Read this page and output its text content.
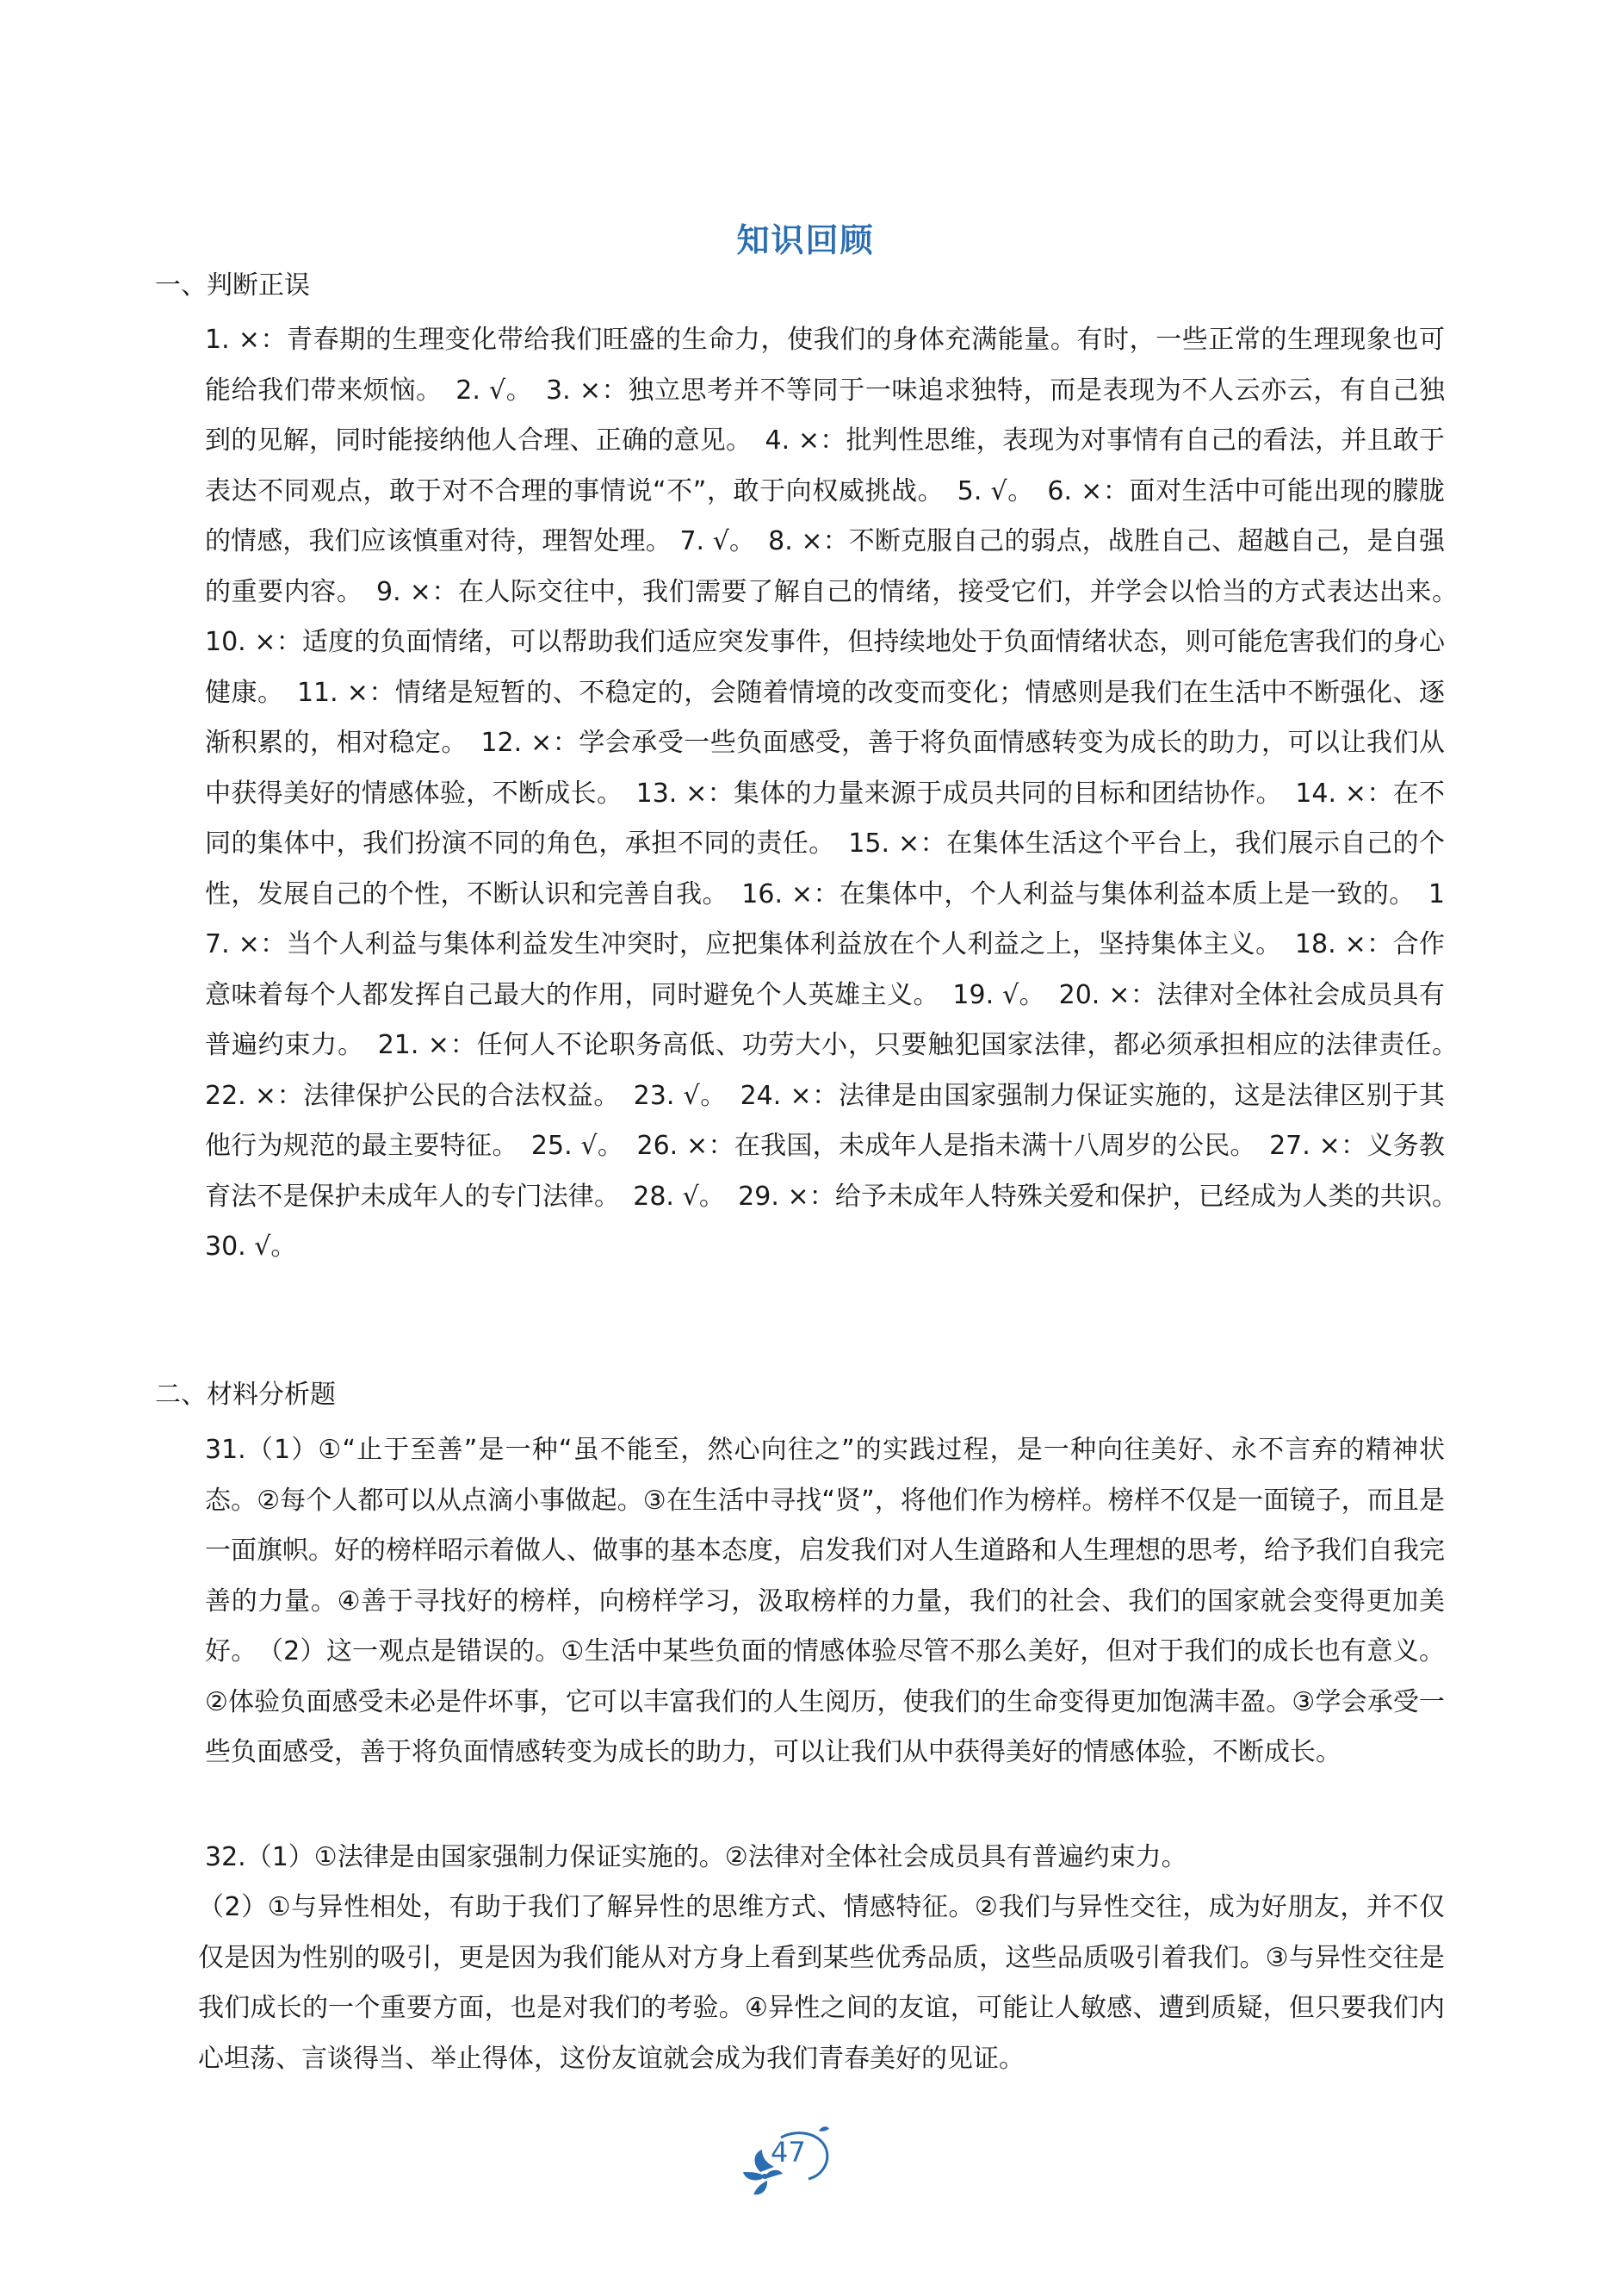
知识回顾
一、判断正误
1. ×：青春期的生理变化带给我们旺盛的生命力，使我们的身体充满能量。有时，一些正常的生理现象也可能给我们带来烦恼。　2. √。　3. ×：独立思考并不等同于一味追求独特，而是表现为不人云亦云，有自己独到的见解，同时能接纳他人合理、正确的意见。　4. ×：批判性思维，表现为对事情有自己的看法，并且敢于表达不同观点，敢于对不合理的事情说“不”，敢于向权威挑战。　5. √。　6. ×：面对生活中可能出现的朦胧的情感，我们应该慎重对待，理智处理。 7. √。　8. ×：不断克服自己的弱点，战胜自己、超越自己，是自强的重要内容。　9. ×：在人际交往中，我们需要了解自己的情绪，接受它们，并学会以恰当的方式表达出来。　10. ×：适度的负面情绪，可以帮助我们适应突发事件，但持续地处于负面情绪状态，则可能危害我们的身心健康。　11. ×：情绪是短暂的、不稳定的，会随着情境的改变而变化；情感则是我们在生活中不断强化、逐渐积累的，相对稳定。　12. ×：学会承受一些负面感受，善于将负面情感转变为成长的助力，可以让我们从中获得美好的情感体验，不断成长。　13. ×：集体的力量来源于成员共同的目标和团结协作。　14. ×：在不同的集体中，我们扮演不同的角色，承担不同的责任。　15. ×：在集体生活这个平台上，我们展示自己的个性，发展自己的个性，不断认识和完善自我。　16. ×：在集体中，个人利益与集体利益本质上是一致的。　17. ×：当个人利益与集体利益发生冲突时，应把集体利益放在个人利益之上，坚持集体主义。　18. ×：合作意味着每个人都发挥自己最大的作用，同时避免个人英雄主义。　19. √。　20. ×：法律对全体社会成员具有普遍约束力。　21. ×：任何人不论职务高低、功劳大小，只要触犯国家法律，都必须承担相应的法律责任。　22. ×：法律保护公民的合法权益。　23. √。　24. ×：法律是由国家强制力保证实施的，这是法律区别于其他行为规范的最主要特征。　25. √。　26. ×：在我国，未成年人是指未满十八周岁的公民。　27. ×：义务教育法不是保护未成年人的专门法律。　28. √。　29. ×：给予未成年人特殊关爱和保护，已经成为人类的共识。　30. √。
二、材料分析题
31.（1）①“止于至善”是一种“虽不能至，然心向往之”的实践过程，是一种向往美好、永不言弃的精神状态。②每个人都可以从点滴小事做起。③在生活中寻找“贤”，将他们作为榜样。榜样不仅是一面镜子，而且是一面旗帜。好的榜样昭示着做人、做事的基本态度，启发我们对人生道路和人生理想的思考，给予我们自我完善的力量。④善于寻找好的榜样，向榜样学习，汲取榜样的力量，我们的社会、我们的国家就会变得更加美好。　（2）这一观点是错误的。①生活中某些负面的情感体验尽管不那么美好，但对于我们的成长也有意义。②体验负面感受未必是件坏事，它可以丰富我们的人生阅历，使我们的生命变得更加饱满丰盈。③学会承受一些负面感受，善于将负面情感转变为成长的助力，可以让我们从中获得美好的情感体验，不断成长。
32.（1）①法律是由国家强制力保证实施的。②法律对全体社会成员具有普遍约束力。
（2）①与异性相处，有助于我们了解异性的思维方式、情感特征。②我们与异性交往，成为好朋友，并不仅仅是因为性别的吸引，更是因为我们能从对方身上看到某些优秀品质，这些品质吸引着我们。③与异性交往是我们成长的一个重要方面，也是对我们的考验。④异性之间的友谊，可能让人敏感、遭到质疑，但只要我们内心坦荡、言谈得当、举止得体，这份友谊就会成为我们青春美好的见证。
47
